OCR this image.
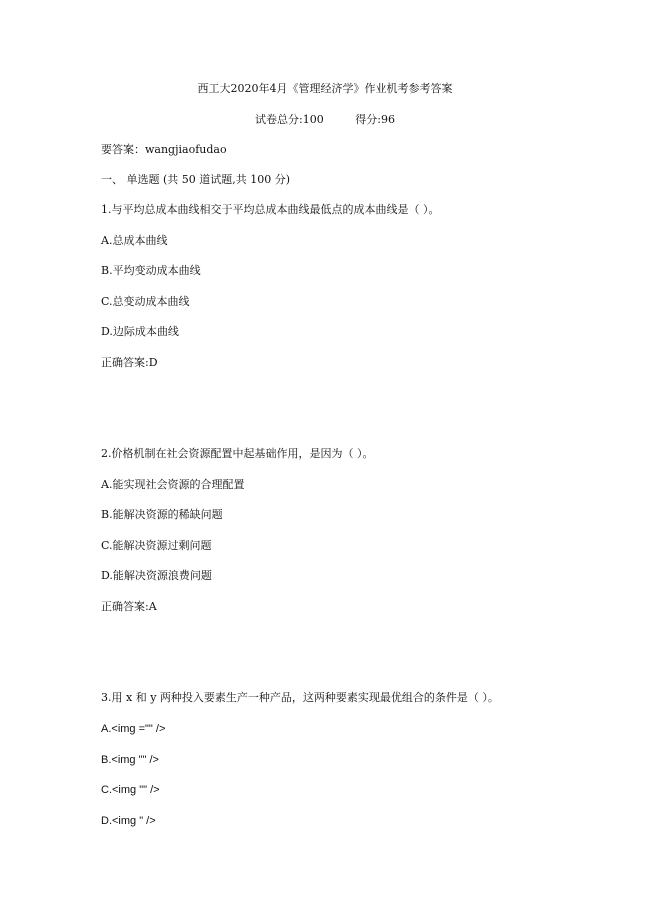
西工大2020年4月《管理经济学》作业机考参考答案
试卷总分:100	得分:96
要答案：wangjiaofudao
一、 单选题 (共 50 道试题,共 100 分)
1.与平均总成本曲线相交于平均总成本曲线最低点的成本曲线是（ ）。
A.总成本曲线
B.平均变动成本曲线
C.总变动成本曲线
D.边际成本曲线
正确答案:D
2.价格机制在社会资源配置中起基础作用，是因为（ ）。
A.能实现社会资源的合理配置
B.能解决资源的稀缺问题
C.能解决资源过剩问题
D.能解决资源浪费问题
正确答案:A
3.用 x 和 y 两种投入要素生产一种产品，这两种要素实现最优组合的条件是（ ）。
A.<img ="" />
B.<img "" />
C.<img "" />
D.<img " />
